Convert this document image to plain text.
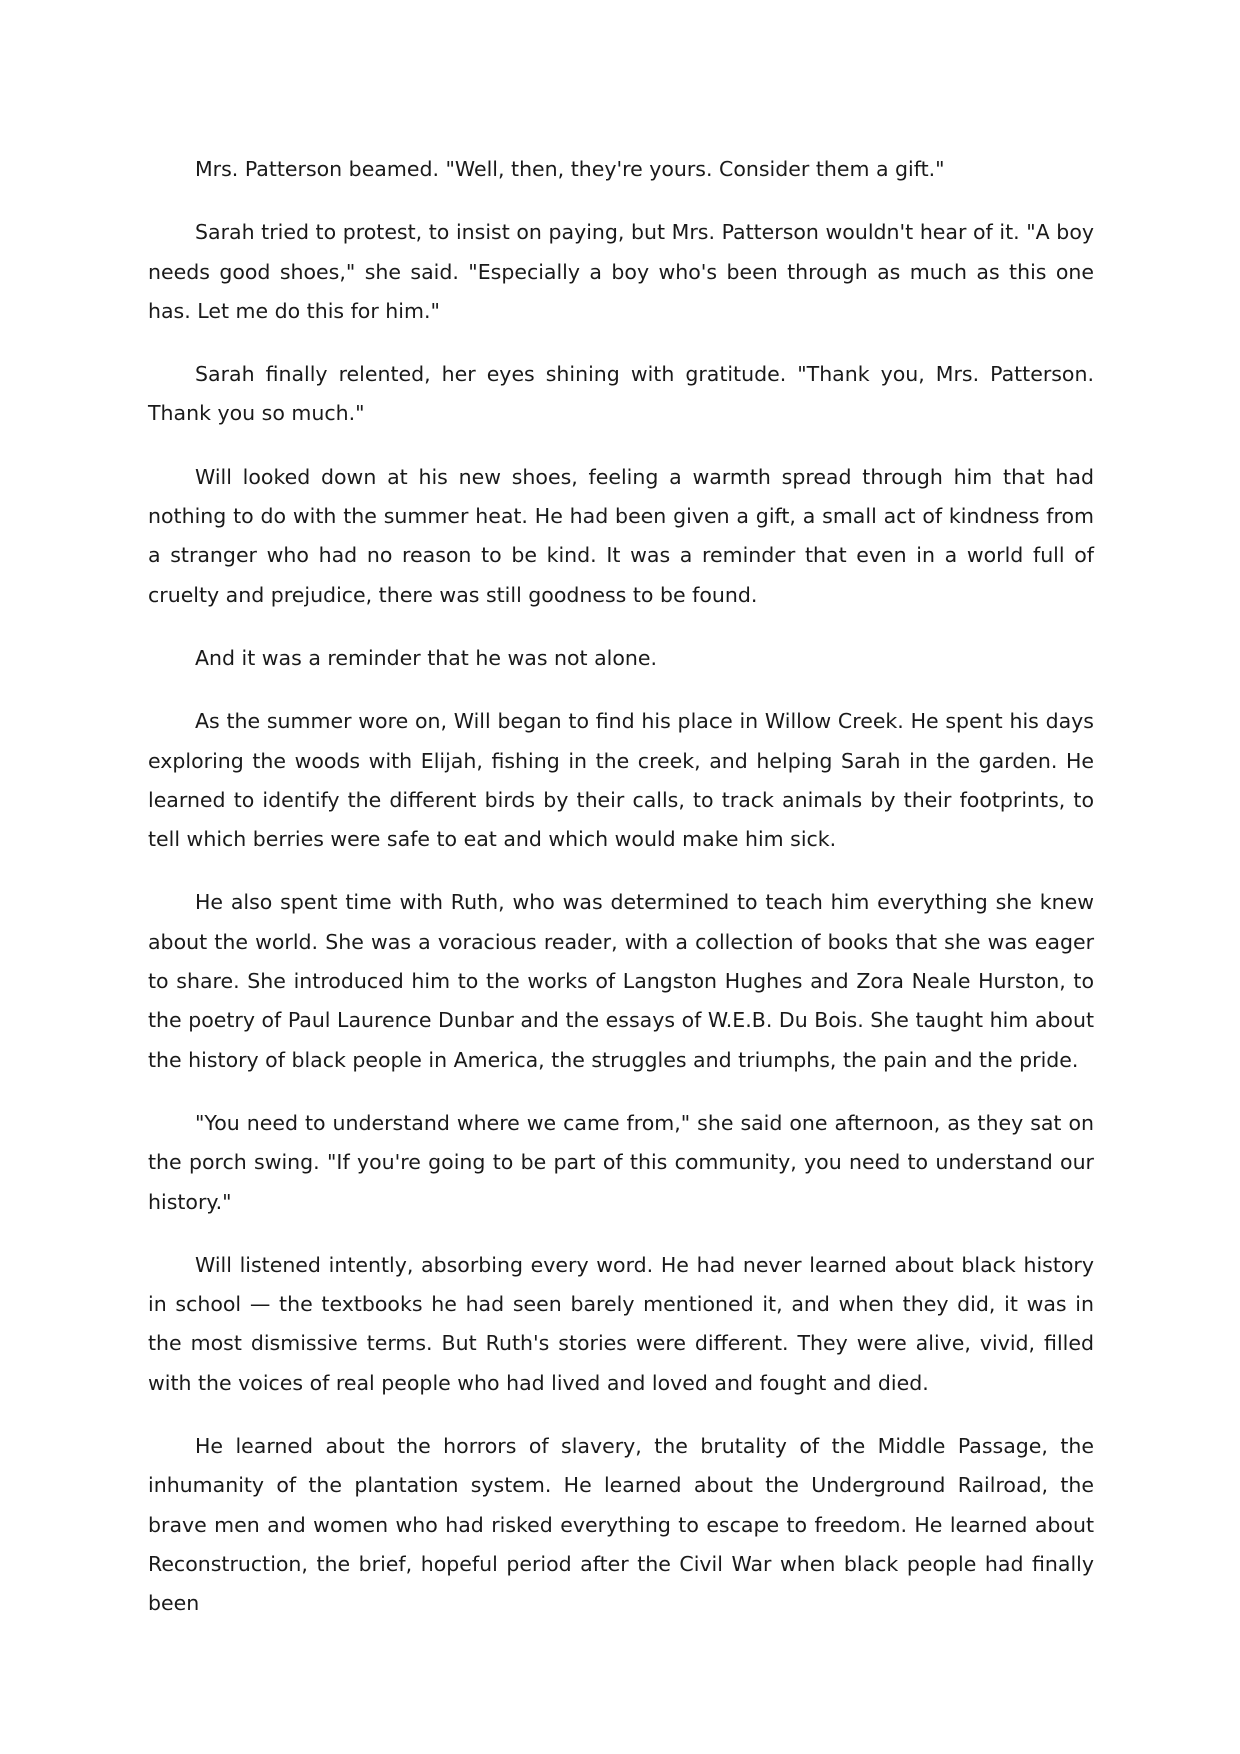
Mrs. Patterson beamed. "Well, then, they're yours. Consider them a gift."

Sarah tried to protest, to insist on paying, but Mrs. Patterson wouldn't hear of it. "A boy needs good shoes," she said. "Especially a boy who's been through as much as this one has. Let me do this for him."

Sarah finally relented, her eyes shining with gratitude. "Thank you, Mrs. Patterson. Thank you so much."

Will looked down at his new shoes, feeling a warmth spread through him that had nothing to do with the summer heat. He had been given a gift, a small act of kindness from a stranger who had no reason to be kind. It was a reminder that even in a world full of cruelty and prejudice, there was still goodness to be found.

And it was a reminder that he was not alone.

As the summer wore on, Will began to find his place in Willow Creek. He spent his days exploring the woods with Elijah, fishing in the creek, and helping Sarah in the garden. He learned to identify the different birds by their calls, to track animals by their footprints, to tell which berries were safe to eat and which would make him sick.

He also spent time with Ruth, who was determined to teach him everything she knew about the world. She was a voracious reader, with a collection of books that she was eager to share. She introduced him to the works of Langston Hughes and Zora Neale Hurston, to the poetry of Paul Laurence Dunbar and the essays of W.E.B. Du Bois. She taught him about the history of black people in America, the struggles and triumphs, the pain and the pride.

"You need to understand where we came from," she said one afternoon, as they sat on the porch swing. "If you're going to be part of this community, you need to understand our history."

Will listened intently, absorbing every word. He had never learned about black history in school — the textbooks he had seen barely mentioned it, and when they did, it was in the most dismissive terms. But Ruth's stories were different. They were alive, vivid, filled with the voices of real people who had lived and loved and fought and died.

He learned about the horrors of slavery, the brutality of the Middle Passage, the inhumanity of the plantation system. He learned about the Underground Railroad, the brave men and women who had risked everything to escape to freedom. He learned about Reconstruction, the brief, hopeful period after the Civil War when black people had finally been
